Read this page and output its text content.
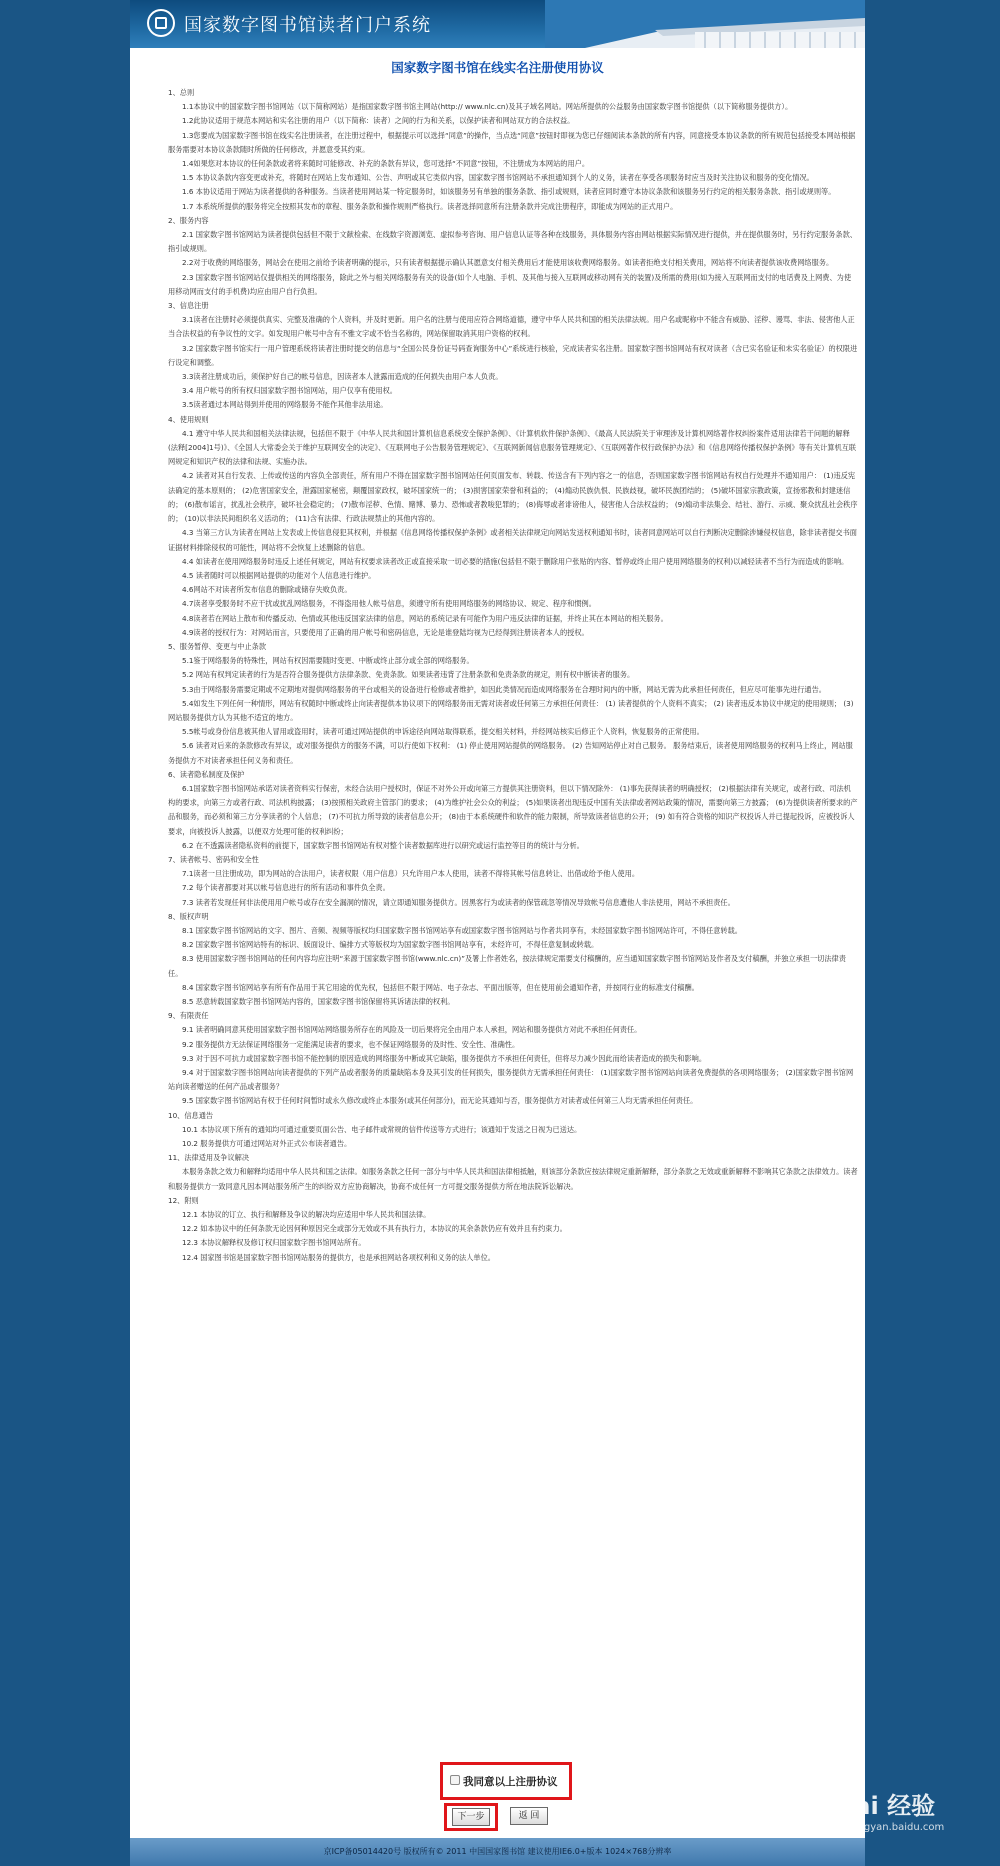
国家数字图书馆读者门户系统
国家数字图书馆在线实名注册使用协议

1、总则

1.1本协议中的国家数字图书馆网站（以下简称网站）是指国家数字图书馆主网站(http:// www.nlc.cn)及其子域名网站。网站所提供的公益服务由国家数字图书馆提供（以下简称服务提供方）。

1.2此协议适用于规范本网站和实名注册的用户（以下简称：读者）之间的行为和关系，以保护读者和网站双方的合法权益。

1.3您要成为国家数字图书馆在线实名注册读者，在注册过程中，根据提示可以选择“同意”的操作，当点选“同意”按钮时即视为您已仔细阅读本条款的所有内容，同意接受本协议条款的所有规范包括接受本网站根据服务需要对本协议条款随时所做的任何修改，并愿意受其约束。

1.4如果您对本协议的任何条款或者将来随时可能修改、补充的条款有异议，您可选择“不同意”按钮，不注册成为本网站的用户。

1.5 本协议条款内容变更或补充，将随时在网站上发布通知、公告、声明或其它类似内容，国家数字图书馆网站不承担通知到个人的义务，读者在享受各项服务时应当及时关注协议和服务的变化情况。

1.6 本协议适用于网站为读者提供的各种服务。当读者使用网站某一特定服务时，如该服务另有单独的服务条款、指引或规则，读者应同时遵守本协议条款和该服务另行约定的相关服务条款、指引或规则等。

1.7 本系统所提供的服务将完全按照其发布的章程、服务条款和操作规则严格执行。读者选择同意所有注册条款并完成注册程序，即能成为网站的正式用户。

2、服务内容

2.1 国家数字图书馆网站为读者提供包括但不限于文献检索、在线数字资源浏览、虚拟参考咨询、用户信息认证等各种在线服务，具体服务内容由网站根据实际情况进行提供，并在提供服务时，另行约定服务条款、指引或规则。

2.2对于收费的网络服务，网站会在使用之前给予读者明确的提示，只有读者根据提示确认其愿意支付相关费用后才能使用该收费网络服务。如读者拒绝支付相关费用，网站将不向读者提供该收费网络服务。

2.3 国家数字图书馆网站仅提供相关的网络服务，除此之外与相关网络服务有关的设备(如个人电脑、手机、及其他与接入互联网或移动网有关的装置)及所需的费用(如为接入互联网而支付的电话费及上网费、为使用移动网而支付的手机费)均应由用户自行负担。

3、信息注册

3.1读者在注册时必须提供真实、完整及准确的个人资料，并及时更新。用户名的注册与使用应符合网络道德，遵守中华人民共和国的相关法律法规。用户名或昵称中不能含有威胁、淫秽、谩骂、非法、侵害他人正当合法权益的有争议性的文字。如发现用户帐号中含有不雅文字或不恰当名称的，网站保留取消其用户资格的权利。

3.2 国家数字图书馆实行一用户管理系统将读者注册时提交的信息与“全国公民身份证号码查询服务中心”系统进行核验，完成读者实名注册。国家数字图书馆网站有权对读者（含已实名验证和未实名验证）的权限进行设定和调整。

3.3读者注册成功后，须保护好自己的帐号信息，因读者本人泄露而造成的任何损失由用户本人负责。

3.4 用户帐号的所有权归国家数字图书馆网站，用户仅享有使用权。

3.5读者通过本网站得到并使用的网络服务不能作其他非法用途。

4、使用规则

4.1 遵守中华人民共和国相关法律法规，包括但不限于《中华人民共和国计算机信息系统安全保护条例》、《计算机软件保护条例》、《最高人民法院关于审理涉及计算机网络著作权纠纷案件适用法律若干问题的解释(法释[2004]1号)》、《全国人大常委会关于维护互联网安全的决定》、《互联网电子公告服务管理规定》、《互联网新闻信息服务管理规定》、《互联网著作权行政保护办法》和《信息网络传播权保护条例》等有关计算机互联网规定和知识产权的法律和法规、实施办法。

4.2 读者对其自行发表、上传或传送的内容负全部责任，所有用户不得在国家数字图书馆网站任何页面发布、转载、传送含有下列内容之一的信息，否则国家数字图书馆网站有权自行处理并不通知用户： (1)违反宪法确定的基本原则的； (2)危害国家安全，泄露国家秘密，颠覆国家政权，破坏国家统一的； (3)损害国家荣誉和利益的； (4)煽动民族仇恨、民族歧视，破坏民族团结的； (5)破坏国家宗教政策，宣扬邪教和封建迷信的； (6)散布谣言，扰乱社会秩序，破坏社会稳定的； (7)散布淫秽、色情、赌博、暴力、恐怖或者教唆犯罪的； (8)侮辱或者诽谤他人，侵害他人合法权益的； (9)煽动非法集会、结社、游行、示威、聚众扰乱社会秩序的； (10)以非法民间组织名义活动的； (11)含有法律、行政法规禁止的其他内容的。

4.3 当第三方认为读者在网站上发表或上传信息侵犯其权利，并根据《信息网络传播权保护条例》或者相关法律规定向网站发送权利通知书时，读者同意网站可以自行判断决定删除涉嫌侵权信息，除非读者提交书面证据材料排除侵权的可能性，网站将不会恢复上述删除的信息。

4.4 如读者在使用网络服务时违反上述任何规定，网站有权要求读者改正或直接采取一切必要的措施(包括但不限于删除用户张贴的内容、暂停或终止用户使用网络服务的权利)以减轻读者不当行为而造成的影响。

4.5 读者随时可以根据网站提供的功能对个人信息进行维护。

4.6网站不对读者所发布信息的删除或储存失败负责。

4.7读者享受服务时不应干扰或扰乱网络服务，不得盗用他人帐号信息，须遵守所有使用网络服务的网络协议、规定、程序和惯例。

4.8读者若在网站上散布和传播反动、色情或其他违反国家法律的信息，网站的系统记录有可能作为用户违反法律的证据，并终止其在本网站的相关服务。

4.9读者的授权行为：对网站而言，只要使用了正确的用户帐号和密码信息，无论是谁登陆均视为已经得到注册读者本人的授权。

5、服务暂停、变更与中止条款

5.1鉴于网络服务的特殊性，网站有权因需要随时变更、中断或终止部分或全部的网络服务。

5.2 网站有权判定读者的行为是否符合服务提供方法律条款、免责条款。如果读者违背了注册条款和免责条款的规定，则有权中断读者的服务。

5.3由于网络服务需要定期或不定期地对提供网络服务的平台或相关的设备进行检修或者维护，如因此类情况而造成网络服务在合理时间内的中断，网站无需为此承担任何责任，但应尽可能事先进行通告。

5.4如发生下列任何一种情形，网站有权随时中断或终止向读者提供本协议项下的网络服务而无需对读者或任何第三方承担任何责任： (1) 读者提供的个人资料不真实； (2) 读者违反本协议中规定的使用规则； (3) 网站服务提供方认为其他不适宜的地方。

5.5帐号或身份信息被其他人冒用或盗用时，读者可通过网站提供的申诉途径向网站取得联系，提交相关材料，并经网站核实后修正个人资料，恢复服务的正常使用。

5.6 读者对后来的条款修改有异议，或对服务提供方的服务不满，可以行使如下权利： (1) 停止使用网站提供的网络服务。 (2) 告知网站停止对自己服务。 服务结束后，读者使用网络服务的权利马上终止，网站服务提供方不对读者承担任何义务和责任。

6、读者隐私制度及保护

6.1国家数字图书馆网站承诺对读者资料实行保密，未经合法用户授权时，保证不对外公开或向第三方提供其注册资料，但以下情况除外： (1)事先获得读者的明确授权； (2)根据法律有关规定，或者行政、司法机构的要求，向第三方或者行政、司法机构披露； (3)按照相关政府主管部门的要求； (4)为维护社会公众的利益； (5)如果读者出现违反中国有关法律或者网站政策的情况，需要向第三方披露； (6)为提供读者所要求的产品和服务，而必须和第三方分享读者的个人信息； (7)不可抗力所导致的读者信息公开； (8)由于本系统硬件和软件的能力限制，所导致读者信息的公开； (9) 如有符合资格的知识产权投诉人并已提起投诉，应被投诉人要求，向被投诉人披露，以便双方处理可能的权利纠纷；

6.2 在不透露读者隐私资料的前提下，国家数字图书馆网站有权对整个读者数据库进行以研究或运行监控等目的的统计与分析。

7、读者帐号、密码和安全性

7.1读者一旦注册成功，即为网站的合法用户，读者权限（用户信息）只允许用户本人使用，读者不得将其帐号信息转让、出借或给予他人使用。

7.2 每个读者都要对其以帐号信息进行的所有活动和事件负全责。

7.3 读者若发现任何非法使用用户帐号或存在安全漏洞的情况，请立即通知服务提供方。因黑客行为或读者的保管疏忽等情况导致帐号信息遭他人非法使用，网站不承担责任。

8、版权声明

8.1 国家数字图书馆网站的文字、图片、音频、视频等版权均归国家数字图书馆网站享有或国家数字图书馆网站与作者共同享有，未经国家数字图书馆网站许可，不得任意转载。

8.2 国家数字图书馆网站特有的标识、版面设计、编排方式等版权均为国家数字图书馆网站享有，未经许可，不得任意复制或转载。

8.3 使用国家数字图书馆网站的任何内容均应注明“来源于国家数字图书馆(www.nlc.cn)”及署上作者姓名，按法律规定需要支付稿酬的，应当通知国家数字图书馆网站及作者及支付稿酬，并独立承担一切法律责任。

8.4 国家数字图书馆网站享有所有作品用于其它用途的优先权，包括但不限于网站、电子杂志、平面出版等，但在使用前会通知作者，并按同行业的标准支付稿酬。

8.5 恶意转载国家数字图书馆网站内容的，国家数字图书馆保留将其诉诸法律的权利。

9、有限责任

9.1 读者明确同意其使用国家数字图书馆网站网络服务所存在的风险及一切后果将完全由用户本人承担，网站和服务提供方对此不承担任何责任。

9.2 服务提供方无法保证网络服务一定能满足读者的要求，也不保证网络服务的及时性、安全性、准确性。

9.3 对于因不可抗力或国家数字图书馆不能控制的原因造成的网络服务中断或其它缺陷，服务提供方不承担任何责任，但将尽力减少因此而给读者造成的损失和影响。

9.4 对于国家数字图书馆网站向读者提供的下列产品或者服务的质量缺陷本身及其引发的任何损失，服务提供方无需承担任何责任： (1)国家数字图书馆网站向读者免费提供的各项网络服务； (2)国家数字图书馆网站向读者赠送的任何产品或者服务？

9.5 国家数字图书馆网站有权于任何时间暂时或永久修改或终止本服务(或其任何部分)，而无论其通知与否，服务提供方对读者或任何第三人均无需承担任何责任。

10、信息通告

10.1 本协议项下所有的通知均可通过重要页面公告、电子邮件或常规的信件传送等方式进行；该通知于发送之日视为已送达。

10.2 服务提供方可通过网站对外正式公布读者通告。

11、法律适用及争议解决

本服务条款之效力和解释均适用中华人民共和国之法律。如服务条款之任何一部分与中华人民共和国法律相抵触，则该部分条款应按法律规定重新解释，部分条款之无效或重新解释不影响其它条款之法律效力。读者和服务提供方一致同意凡因本网站服务所产生的纠纷双方应协商解决，协商不成任何一方可提交服务提供方所在地法院诉讼解决。

12、附则

12.1 本协议的订立、执行和解释及争议的解决均应适用中华人民共和国法律。

12.2 如本协议中的任何条款无论因何种原因完全或部分无效或不具有执行力，本协议的其余条款仍应有效并且有约束力。

12.3 本协议解释权及修订权归国家数字图书馆网站所有。

12.4 国家图书馆是国家数字图书馆网站服务的提供方，也是承担网站各项权利和义务的法人单位。

我同意以上注册协议
下一步	返 回
京ICP备05014420号 版权所有© 2011 中国国家图书馆 建议使用IE6.0+版本 1024×768分辨率
Bai 经验
jingyan.baidu.com
